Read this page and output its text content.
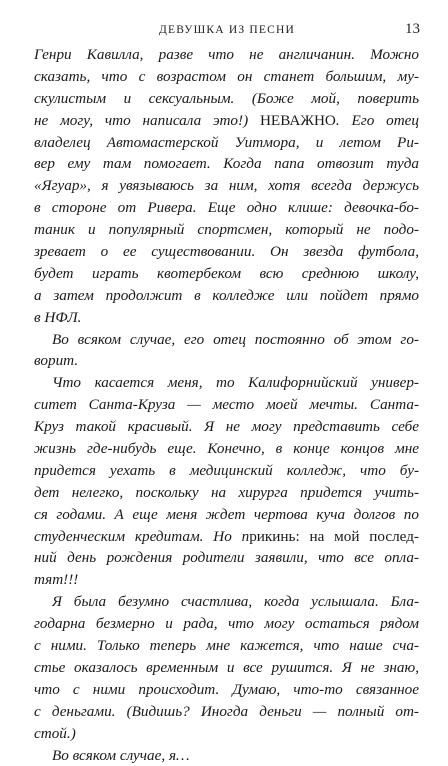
ДЕВУШКА ИЗ ПЕСНИ	13
Генри Кавилла, разве что не англичанин. Можно
сказать, что с возрастом он станет большим, му-
скулистым и сексуальным. (Боже мой, поверить
не могу, что написала это!) НЕВАЖНО. Его отец
владелец Автомастерской Уитмора, и летом Ри-
вер ему там помогает. Когда папа отвозит туда
«Ягуар», я увязываюсь за ним, хотя всегда держусь
в стороне от Ривера. Еще одно клише: девочка-бо-
таник и популярный спортсмен, который не подо-
зревает о ее существовании. Он звезда футбола,
будет играть квотербеком всю среднюю школу,
а затем продолжит в колледже или пойдет прямо
в НФЛ.
Во всяком случае, его отец постоянно об этом го-
ворит.
Что касается меня, то Калифорнийский универ-
ситет Санта-Круза — место моей мечты. Санта-
Круз такой красивый. Я не могу представить себе
жизнь где-нибудь еще. Конечно, в конце концов мне
придется уехать в медицинский колледж, что бу-
дет нелегко, поскольку на хирурга придется учить-
ся годами. А еще меня ждет чертова куча долгов по
студенческим кредитам. Но прикинь: на мой послед-
ний день рождения родители заявили, что все опла-
тят!!!
Я была безумно счастлива, когда услышала. Бла-
годарна безмерно и рада, что могу остаться рядом
с ними. Только теперь мне кажется, что наше сча-
стье оказалось временным и все рушится. Я не знаю,
что с ними происходит. Думаю, что-то связанное
с деньгами. (Видишь? Иногда деньги — полный от-
стой.)
Во всяком случае, я…
